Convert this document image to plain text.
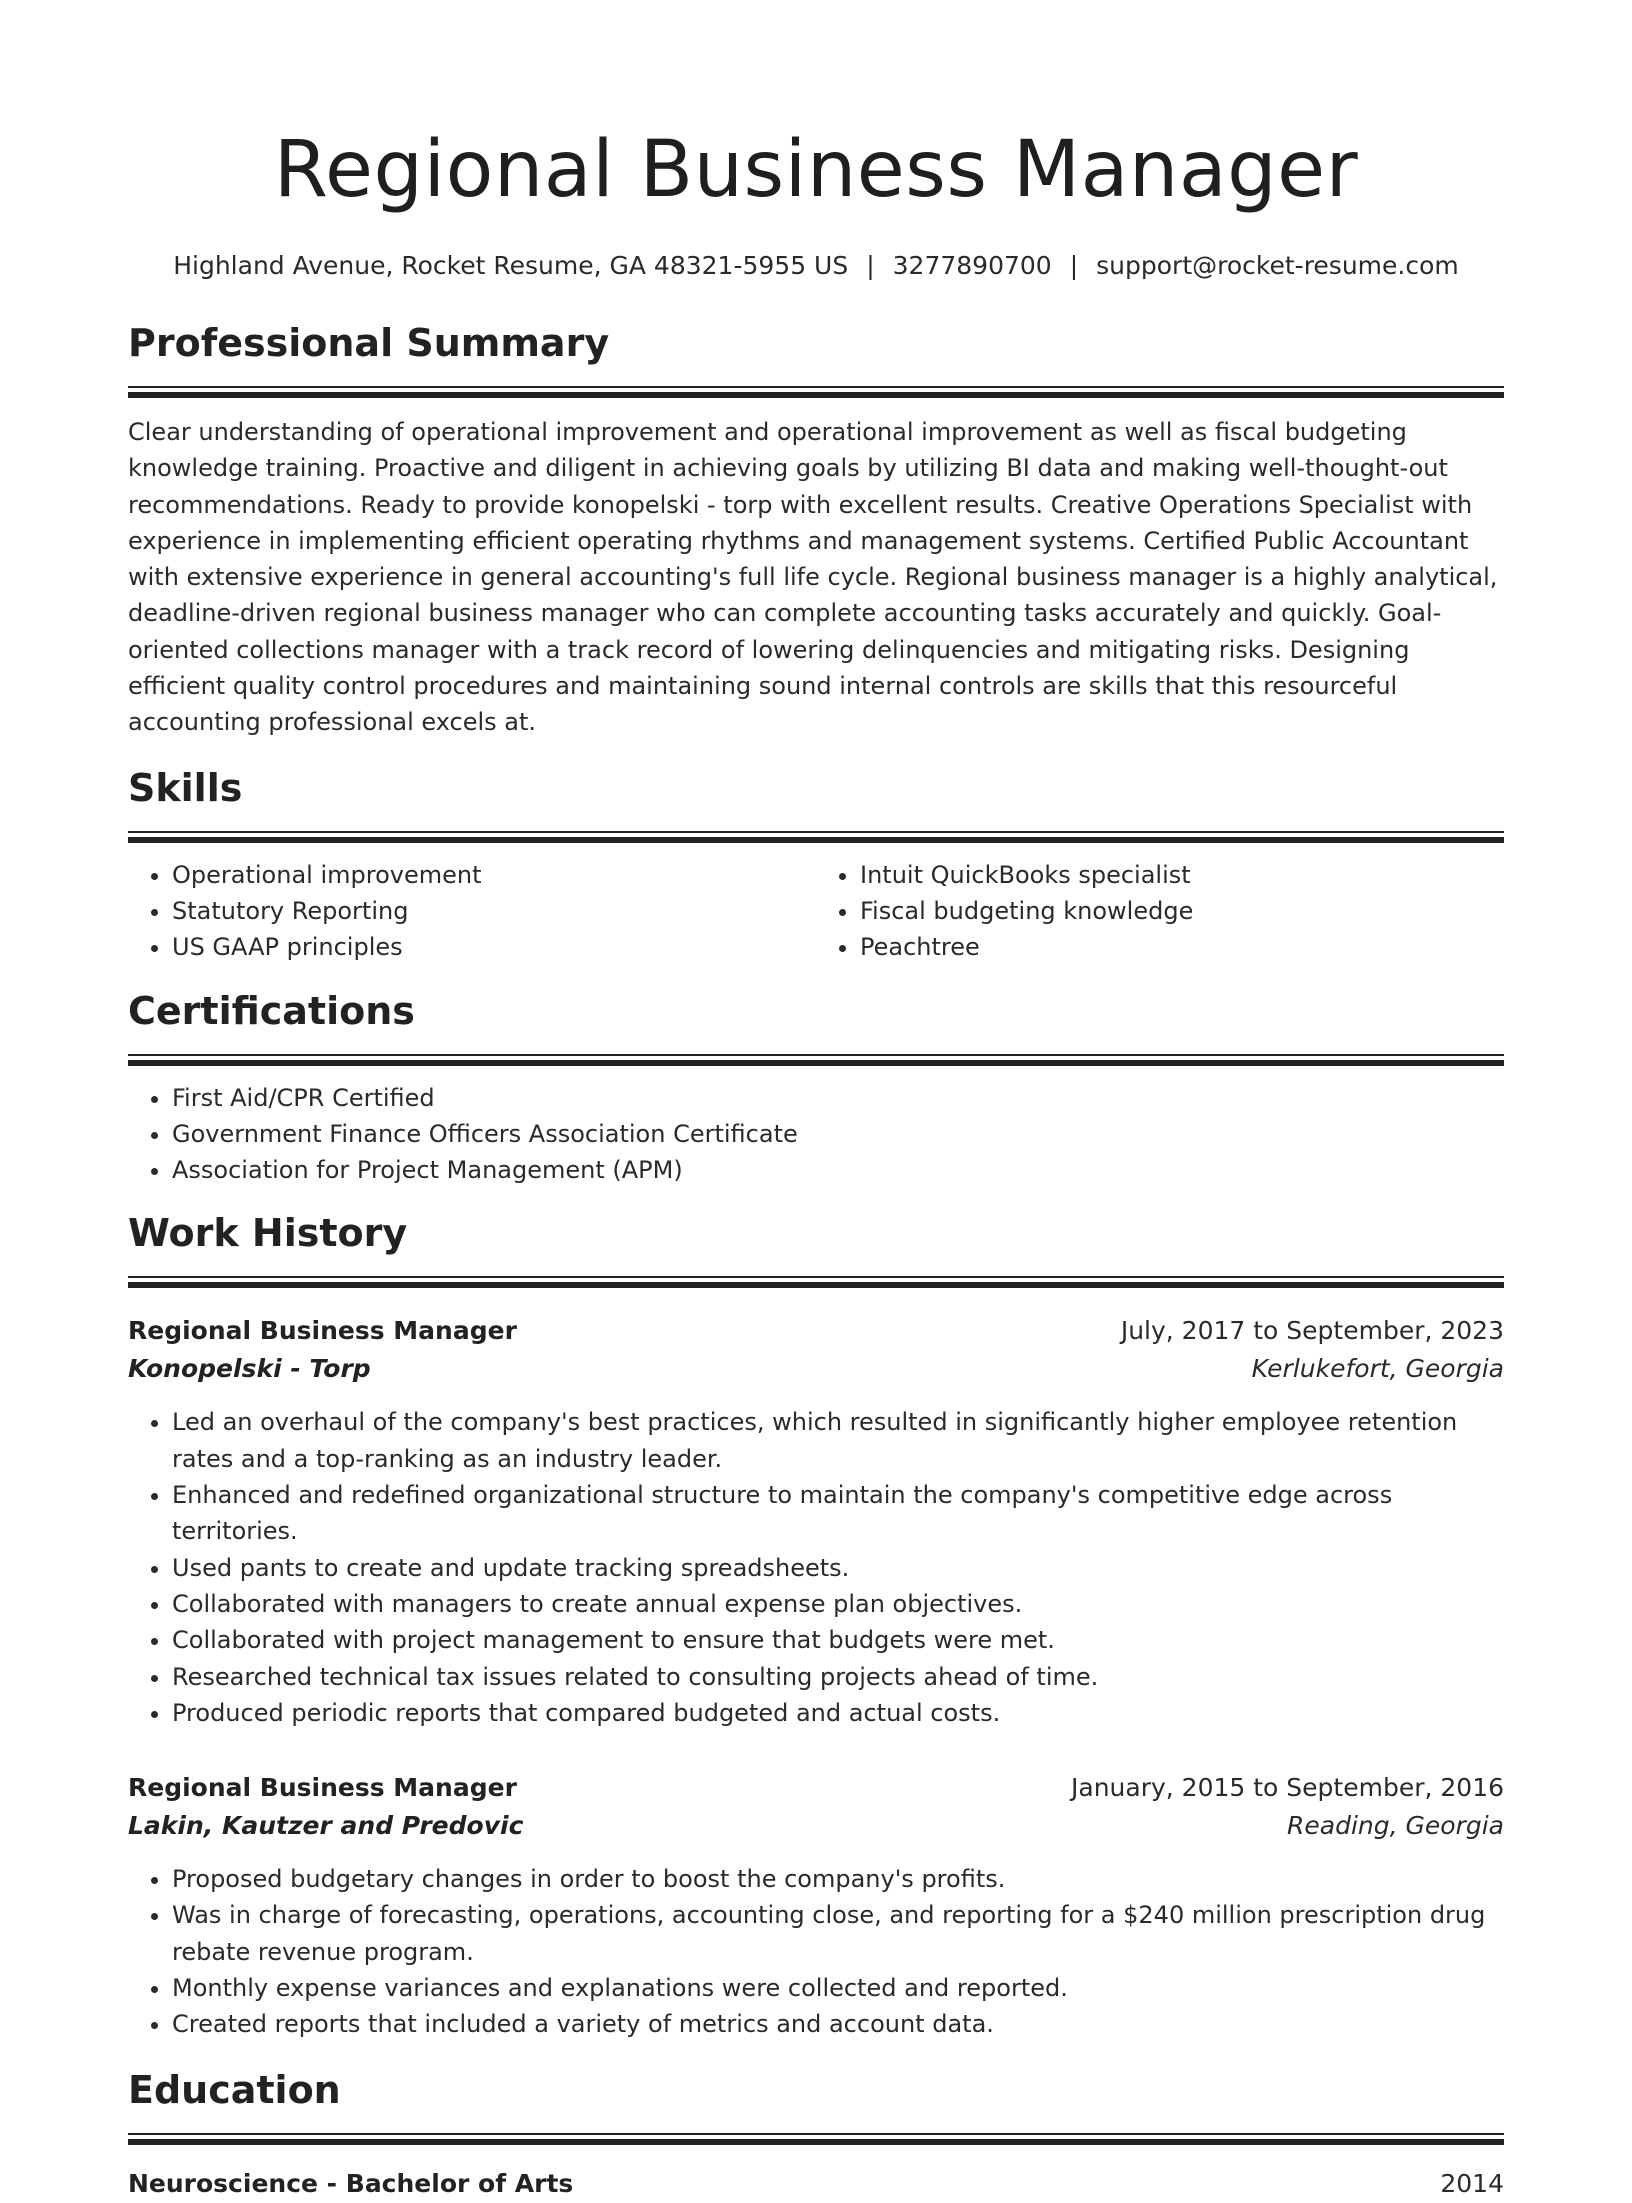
Regional Business Manager
Highland Avenue, Rocket Resume, GA 48321-5955 US | 3277890700 | support@rocket-resume.com
Professional Summary

Clear understanding of operational improvement and operational improvement as well as fiscal budgeting knowledge training. Proactive and diligent in achieving goals by utilizing BI data and making well-thought-out recommendations. Ready to provide konopelski - torp with excellent results. Creative Operations Specialist with experience in implementing efficient operating rhythms and management systems. Certified Public Accountant with extensive experience in general accounting's full life cycle. Regional business manager is a highly analytical, deadline-driven regional business manager who can complete accounting tasks accurately and quickly. Goal-oriented collections manager with a track record of lowering delinquencies and mitigating risks. Designing efficient quality control procedures and maintaining sound internal controls are skills that this resourceful accounting professional excels at.

Skills
• Operational improvement
• Statutory Reporting
• US GAAP principles
• Intuit QuickBooks specialist
• Fiscal budgeting knowledge
• Peachtree
Certifications
• First Aid/CPR Certified
• Government Finance Officers Association Certificate
• Association for Project Management (APM)
Work History
Regional Business Manager	July, 2017 to September, 2023
Konopelski - Torp	Kerlukefort, Georgia
• Led an overhaul of the company's best practices, which resulted in significantly higher employee retention rates and a top-ranking as an industry leader.
• Enhanced and redefined organizational structure to maintain the company's competitive edge across territories.
• Used pants to create and update tracking spreadsheets.
• Collaborated with managers to create annual expense plan objectives.
• Collaborated with project management to ensure that budgets were met.
• Researched technical tax issues related to consulting projects ahead of time.
• Produced periodic reports that compared budgeted and actual costs.
Regional Business Manager	January, 2015 to September, 2016
Lakin, Kautzer and Predovic	Reading, Georgia
• Proposed budgetary changes in order to boost the company's profits.
• Was in charge of forecasting, operations, accounting close, and reporting for a $240 million prescription drug rebate revenue program.
• Monthly expense variances and explanations were collected and reported.
• Created reports that included a variety of metrics and account data.
Education
Neuroscience - Bachelor of Arts	2014
